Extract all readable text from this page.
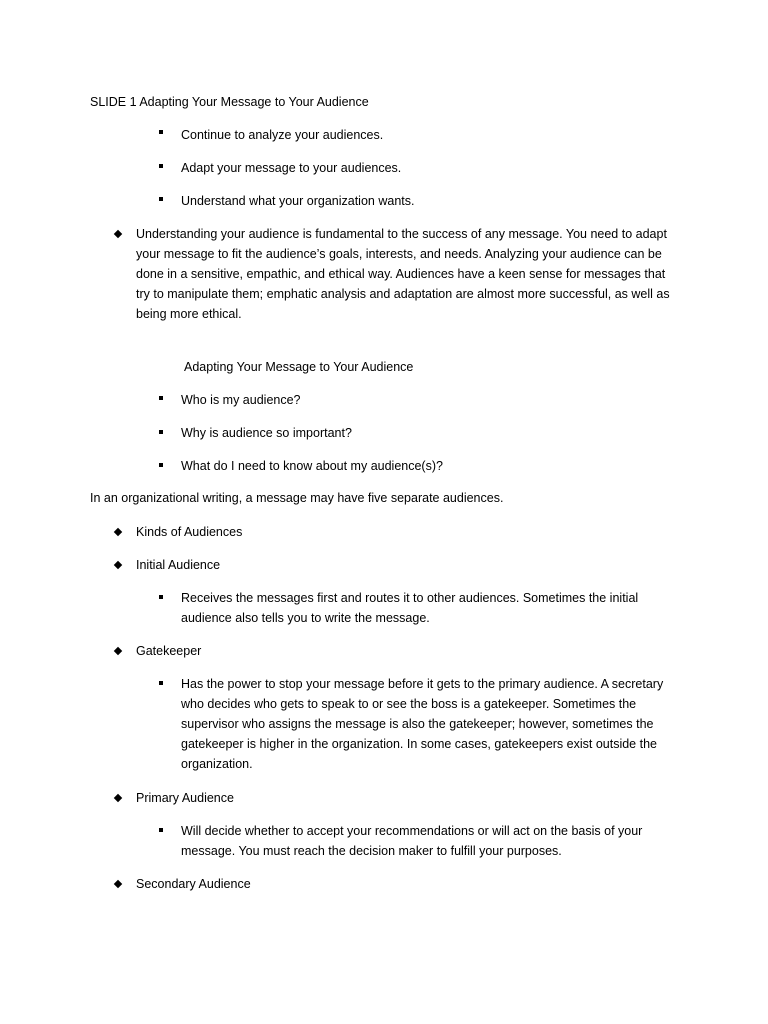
SLIDE 1 Adapting Your Message to Your Audience
Continue to analyze your audiences.
Adapt your message to your audiences.
Understand what your organization wants.
Understanding your audience is fundamental to the success of any message. You need to adapt your message to fit the audience’s goals, interests, and needs. Analyzing your audience can be done in a sensitive, empathic, and ethical way. Audiences have a keen sense for messages that try to manipulate them; emphatic analysis and adaptation are almost more successful, as well as being more ethical.
Adapting Your Message to Your Audience
Who is my audience?
Why is audience so important?
What do I need to know about my audience(s)?
In an organizational writing, a message may have five separate audiences.
Kinds of Audiences
Initial Audience
Receives the messages first and routes it to other audiences. Sometimes the initial audience also tells you to write the message.
Gatekeeper
Has the power to stop your message before it gets to the primary audience. A secretary who decides who gets to speak to or see the boss is a gatekeeper. Sometimes the supervisor who assigns the message is also the gatekeeper; however, sometimes the gatekeeper is higher in the organization. In some cases, gatekeepers exist outside the organization.
Primary Audience
Will decide whether to accept your recommendations or will act on the basis of your message. You must reach the decision maker to fulfill your purposes.
Secondary Audience
